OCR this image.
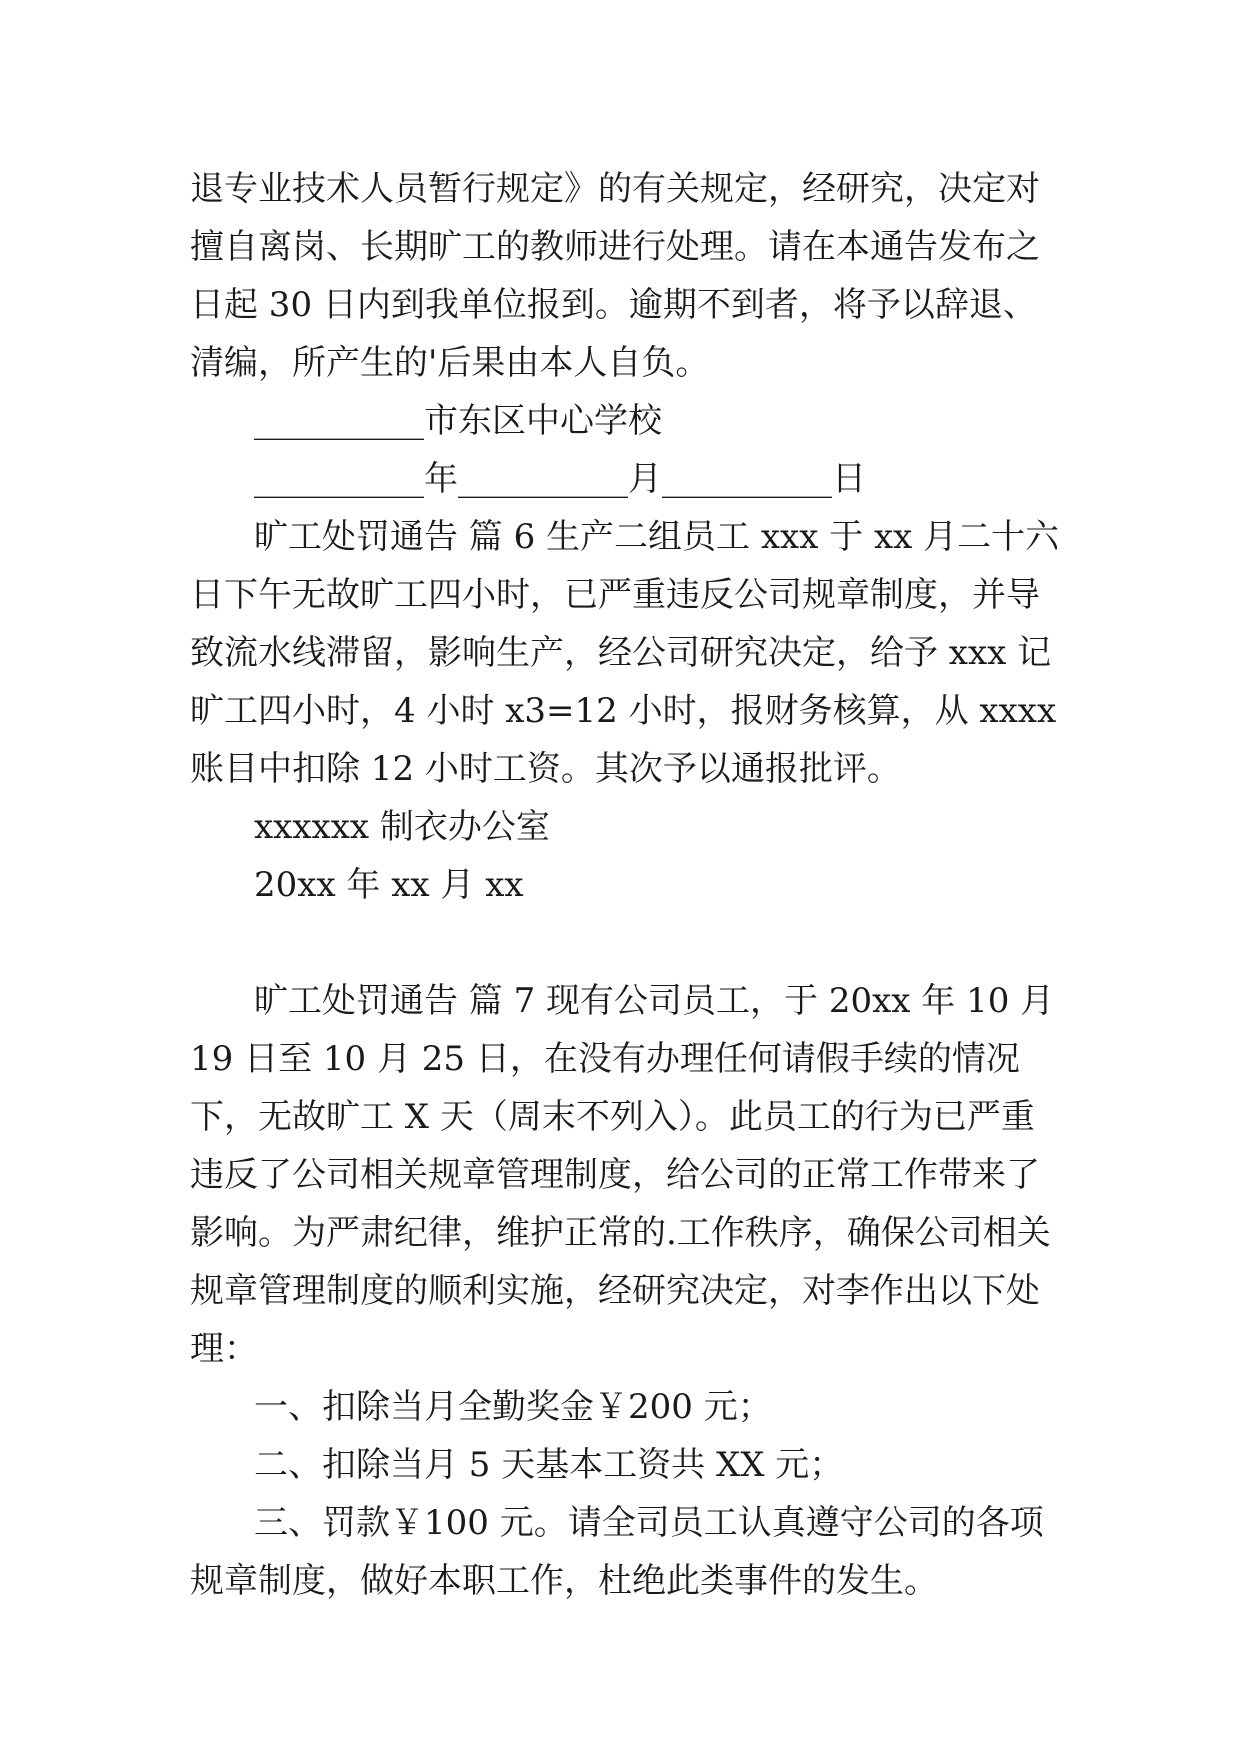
退专业技术人员暂行规定》的有关规定，经研究，决定对擅自离岗、长期旷工的教师进行处理。请在本通告发布之日起 30 日内到我单位报到。逾期不到者，将予以辞退、清编，所产生的'后果由本人自负。

__________市东区中心学校

__________年__________月__________日

旷工处罚通告 篇 6 生产二组员工 xxx 于 xx 月二十六日下午无故旷工四小时，已严重违反公司规章制度，并导致流水线滞留，影响生产，经公司研究决定，给予 xxx 记旷工四小时，4 小时 x3=12 小时，报财务核算，从 xxxx 账目中扣除 12 小时工资。其次予以通报批评。

xxxxxx 制衣办公室

20xx 年 xx 月 xx

旷工处罚通告 篇 7 现有公司员工，于 20xx 年 10 月 19 日至 10 月 25 日，在没有办理任何请假手续的情况下，无故旷工 X 天（周末不列入）。此员工的行为已严重违反了公司相关规章管理制度，给公司的正常工作带来了影响。为严肃纪律，维护正常的.工作秩序，确保公司相关规章管理制度的顺利实施，经研究决定，对李作出以下处理：

一、扣除当月全勤奖金￥200 元；

二、扣除当月 5 天基本工资共 XX 元；

三、罚款￥100 元。请全司员工认真遵守公司的各项规章制度，做好本职工作，杜绝此类事件的发生。
